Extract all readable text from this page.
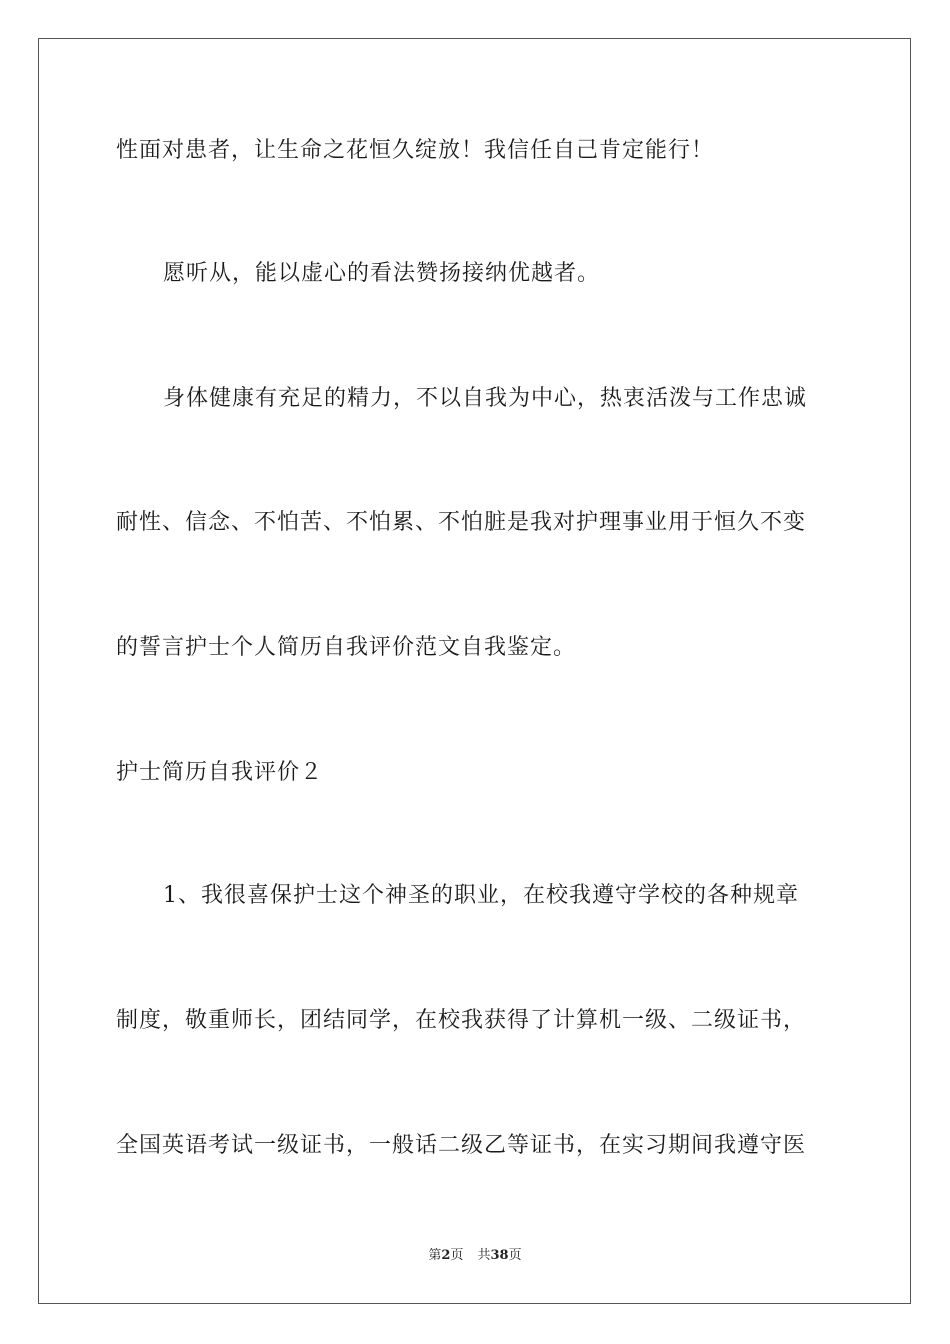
性面对患者，让生命之花恒久绽放！我信任自己肯定能行！
愿听从，能以虚心的看法赞扬接纳优越者。
身体健康有充足的精力，不以自我为中心，热衷活泼与工作忠诚
耐性、信念、不怕苦、不怕累、不怕脏是我对护理事业用于恒久不变
的誓言护士个人简历自我评价范文自我鉴定。
护士简历自我评价２
1、我很喜保护士这个神圣的职业，在校我遵守学校的各种规章
制度，敬重师长，团结同学，在校我获得了计算机一级、二级证书，
全国英语考试一级证书，一般话二级乙等证书，在实习期间我遵守医
第2页 共38页
